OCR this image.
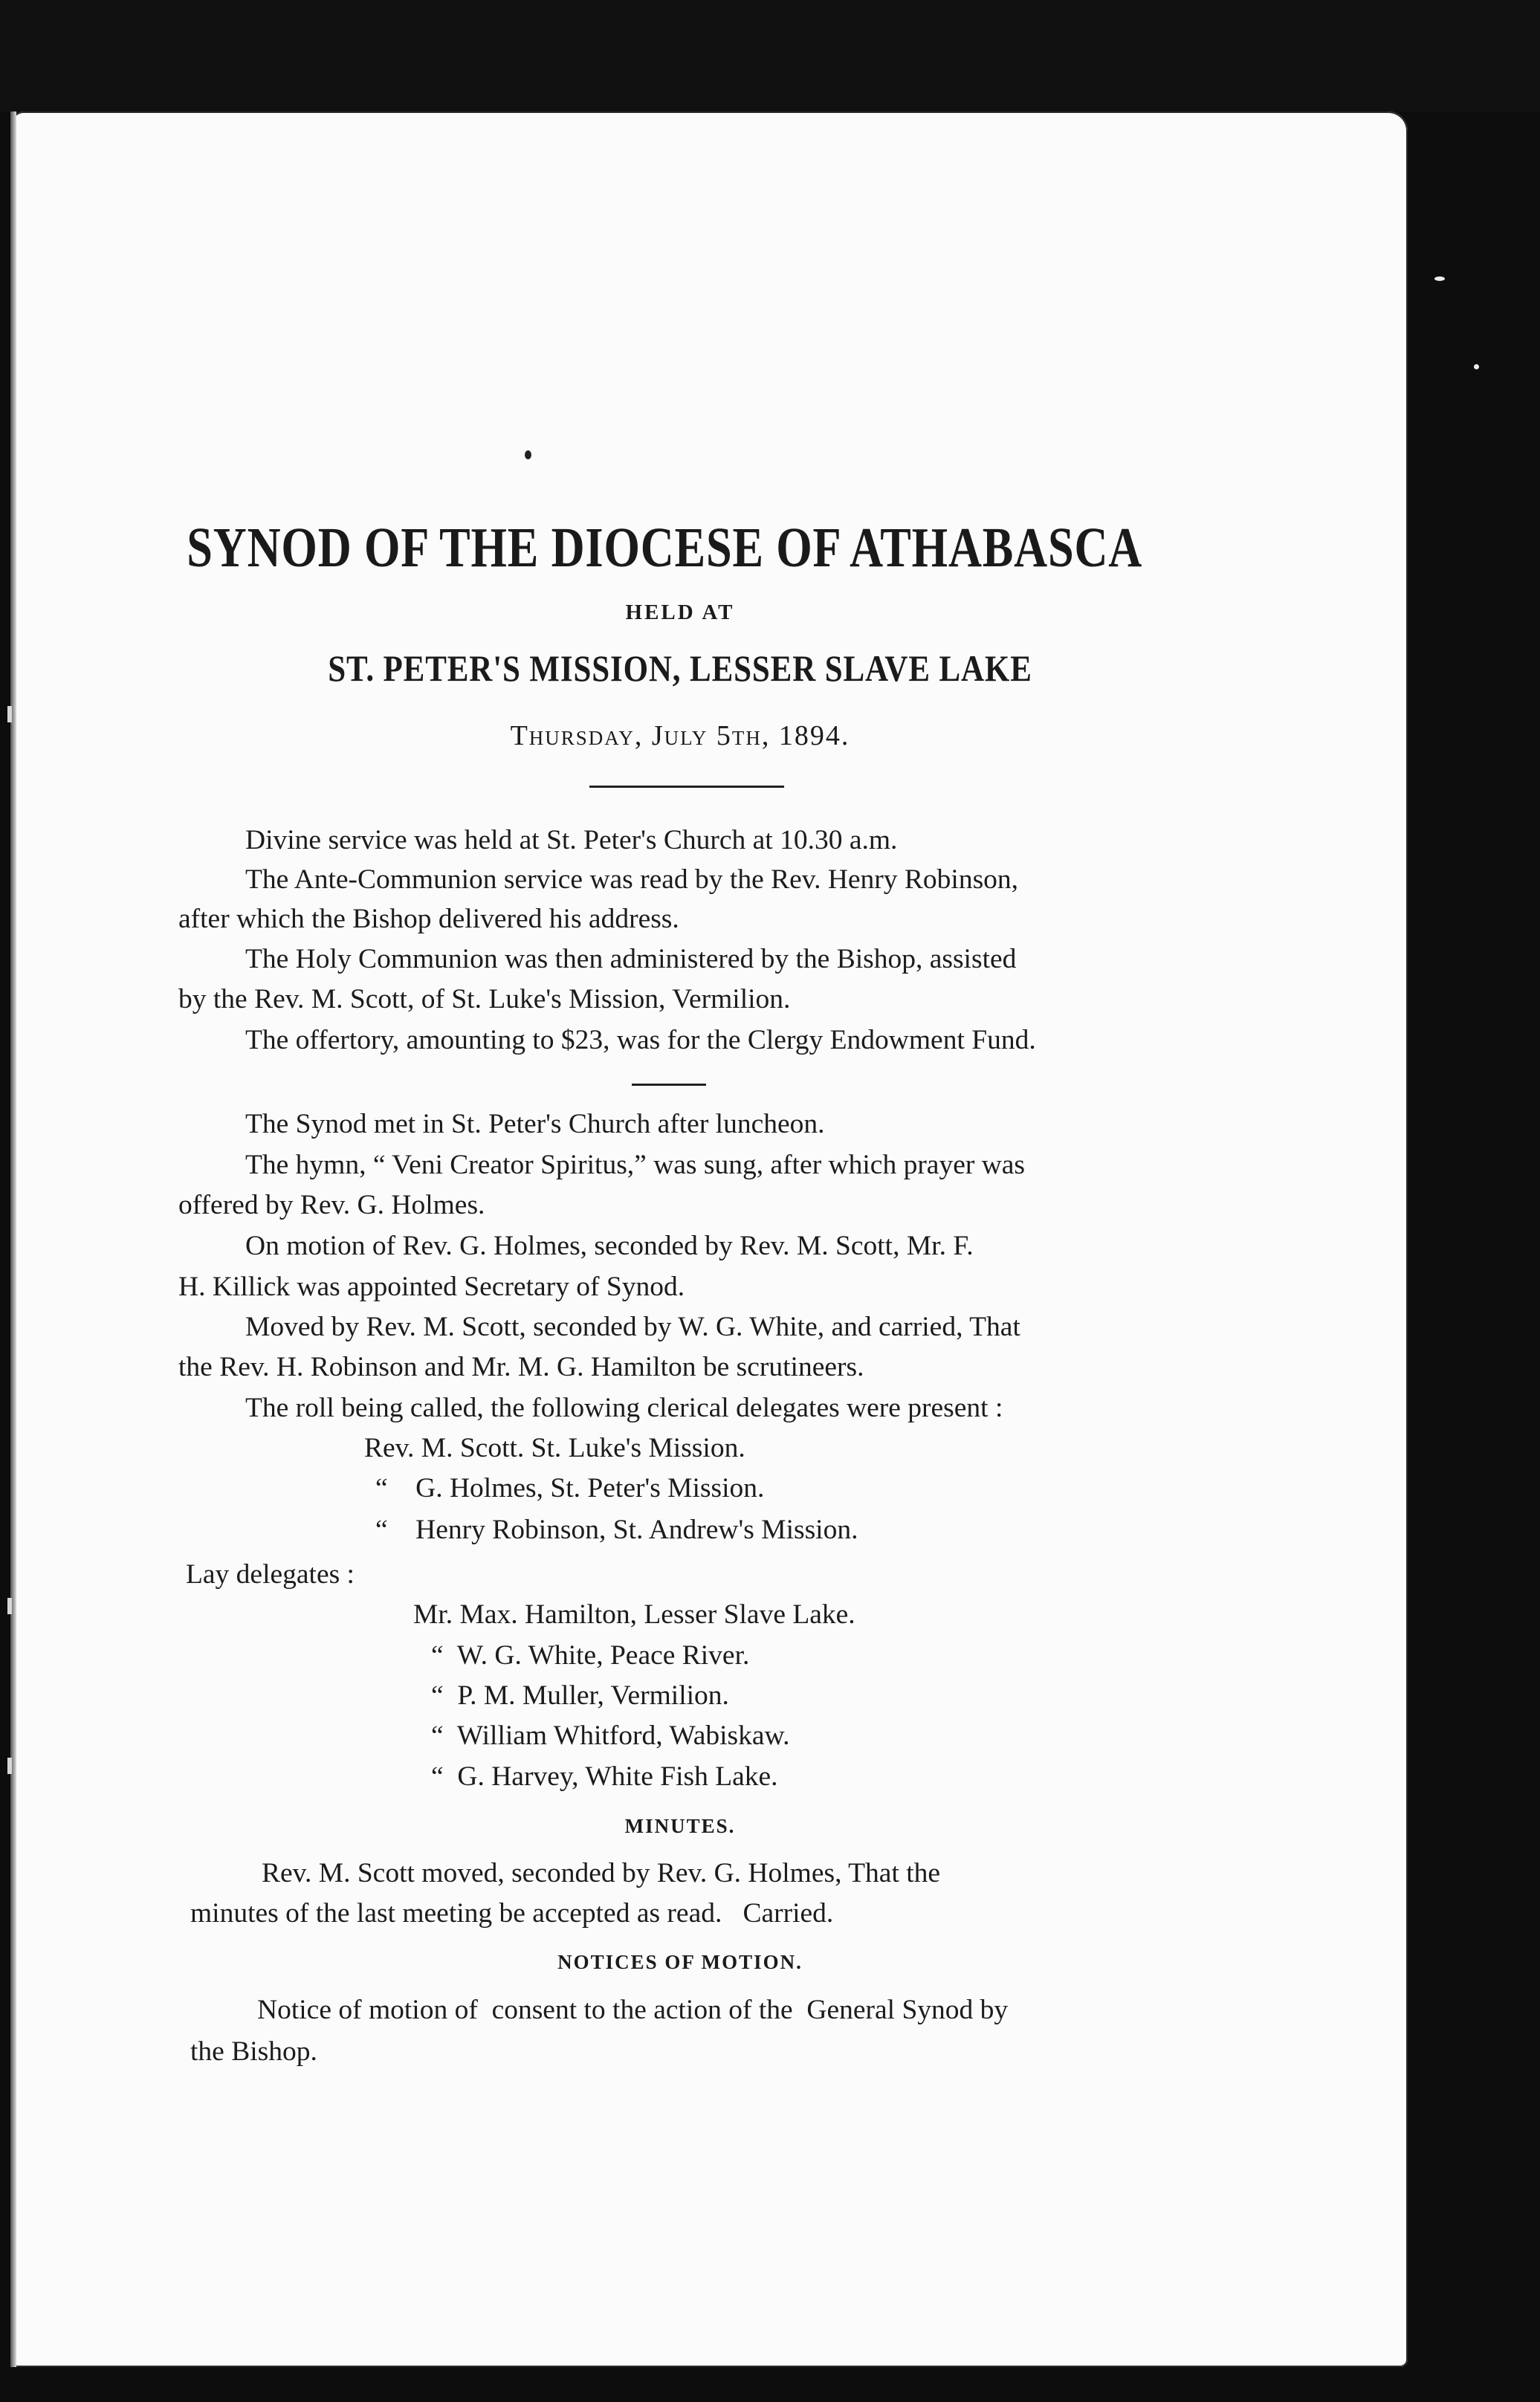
SYNOD OF THE DIOCESE OF ATHABASCA
HELD AT
ST. PETER'S MISSION, LESSER SLAVE LAKE
Thursday, July 5th, 1894.
Divine service was held at St. Peter's Church at 10.30 a.m.
The Ante-Communion service was read by the Rev. Henry Robinson,
after which the Bishop delivered his address.
The Holy Communion was then administered by the Bishop, assisted
by the Rev. M. Scott, of St. Luke's Mission, Vermilion.
The offertory, amounting to $23, was for the Clergy Endowment Fund.
The Synod met in St. Peter's Church after luncheon.
The hymn, “ Veni Creator Spiritus,” was sung, after which prayer was
offered by Rev. G. Holmes.
On motion of Rev. G. Holmes, seconded by Rev. M. Scott, Mr. F.
H. Killick was appointed Secretary of Synod.
Moved by Rev. M. Scott, seconded by W. G. White, and carried, That
the Rev. H. Robinson and Mr. M. G. Hamilton be scrutineers.
The roll being called, the following clerical delegates were present :
Rev. M. Scott. St. Luke's Mission.
“    G. Holmes, St. Peter's Mission.
“    Henry Robinson, St. Andrew's Mission.
Lay delegates :
Mr. Max. Hamilton, Lesser Slave Lake.
“  W. G. White, Peace River.
“  P. M. Muller, Vermilion.
“  William Whitford, Wabiskaw.
“  G. Harvey, White Fish Lake.
MINUTES.
Rev. M. Scott moved, seconded by Rev. G. Holmes, That the
minutes of the last meeting be accepted as read.   Carried.
NOTICES OF MOTION.
Notice of motion of  consent to the action of the  General Synod by
the Bishop.
